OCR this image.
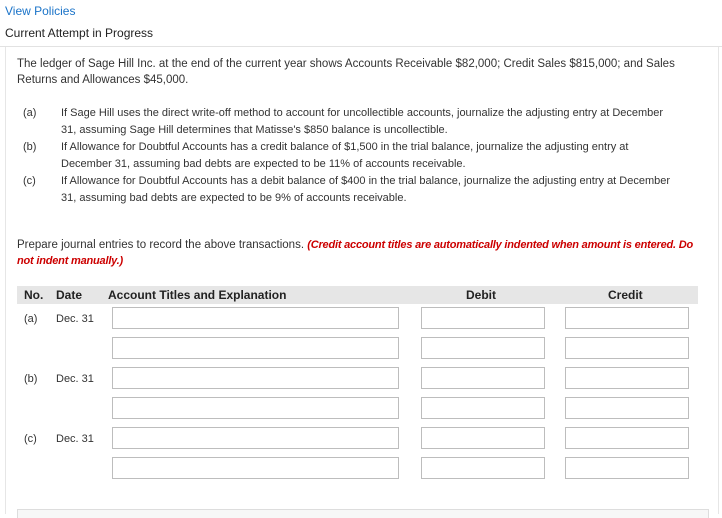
View Policies
Current Attempt in Progress
The ledger of Sage Hill Inc. at the end of the current year shows Accounts Receivable $82,000; Credit Sales $815,000; and Sales Returns and Allowances $45,000.
(a) If Sage Hill uses the direct write-off method to account for uncollectible accounts, journalize the adjusting entry at December 31, assuming Sage Hill determines that Matisse's $850 balance is uncollectible.
(b) If Allowance for Doubtful Accounts has a credit balance of $1,500 in the trial balance, journalize the adjusting entry at December 31, assuming bad debts are expected to be 11% of accounts receivable.
(c) If Allowance for Doubtful Accounts has a debit balance of $400 in the trial balance, journalize the adjusting entry at December 31, assuming bad debts are expected to be 9% of accounts receivable.
Prepare journal entries to record the above transactions. (Credit account titles are automatically indented when amount is entered. Do not indent manually.)
No. Date Account Titles and Explanation	Debit	Credit
(a) Dec. 31
(b) Dec. 31
(c) Dec. 31
